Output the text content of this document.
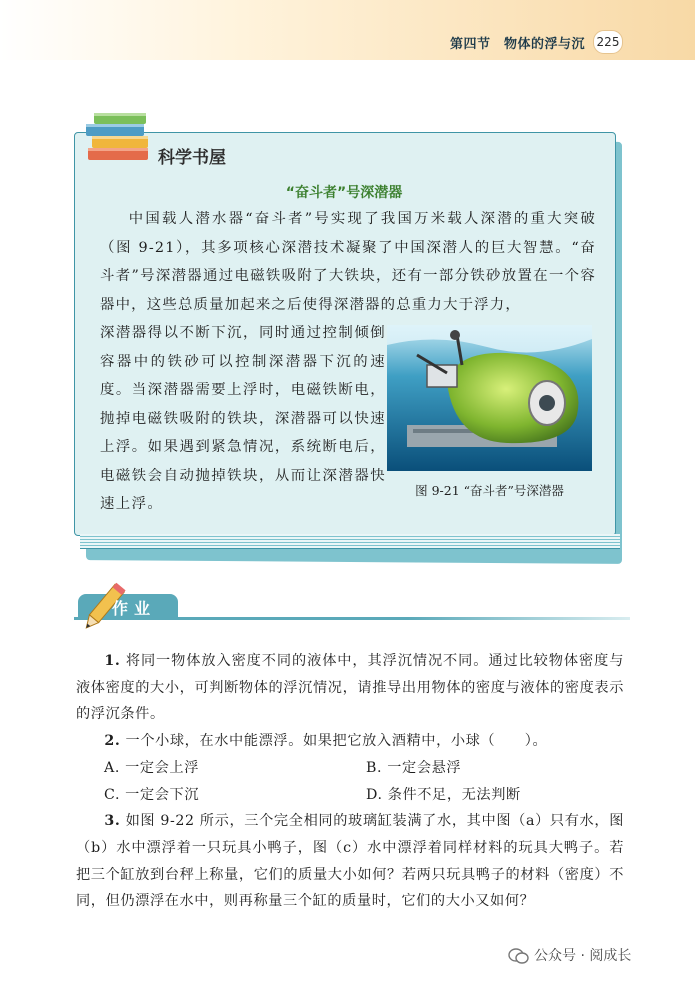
第四节　物体的浮与沉 225
科学书屋
“奋斗者”号深潜器

中国载人潜水器“奋斗者”号实现了我国万米载人深潜的重大突破（图 9-21），其多项核心深潜技术凝聚了中国深潜人的巨大智慧。“奋斗者”号深潜器通过电磁铁吸附了大铁块，还有一部分铁砂放置在一个容器中，这些总质量加起来之后使得深潜器的总重力大于浮力，

深潜器得以不断下沉，同时通过控制倾倒容器中的铁砂可以控制深潜器下沉的速度。当深潜器需要上浮时，电磁铁断电，抛掉电磁铁吸附的铁块，深潜器可以快速上浮。如果遇到紧急情况，系统断电后，电磁铁会自动抛掉铁块，从而让深潜器快速上浮。

图 9-21 “奋斗者”号深潜器
作业

1. 将同一物体放入密度不同的液体中，其浮沉情况不同。通过比较物体密度与液体密度的大小，可判断物体的浮沉情况，请推导出用物体的密度与液体的密度表示的浮沉条件。

2. 一个小球，在水中能漂浮。如果把它放入酒精中，小球（　　）。

A. 一定会上浮	B. 一定会悬浮
C. 一定会下沉	D. 条件不足，无法判断

3. 如图 9-22 所示，三个完全相同的玻璃缸装满了水，其中图（a）只有水，图（b）水中漂浮着一只玩具小鸭子，图（c）水中漂浮着同样材料的玩具大鸭子。若把三个缸放到台秤上称量，它们的质量大小如何？若两只玩具鸭子的材料（密度）不同，但仍漂浮在水中，则再称量三个缸的质量时，它们的大小又如何？

公众号 · 阅成长
